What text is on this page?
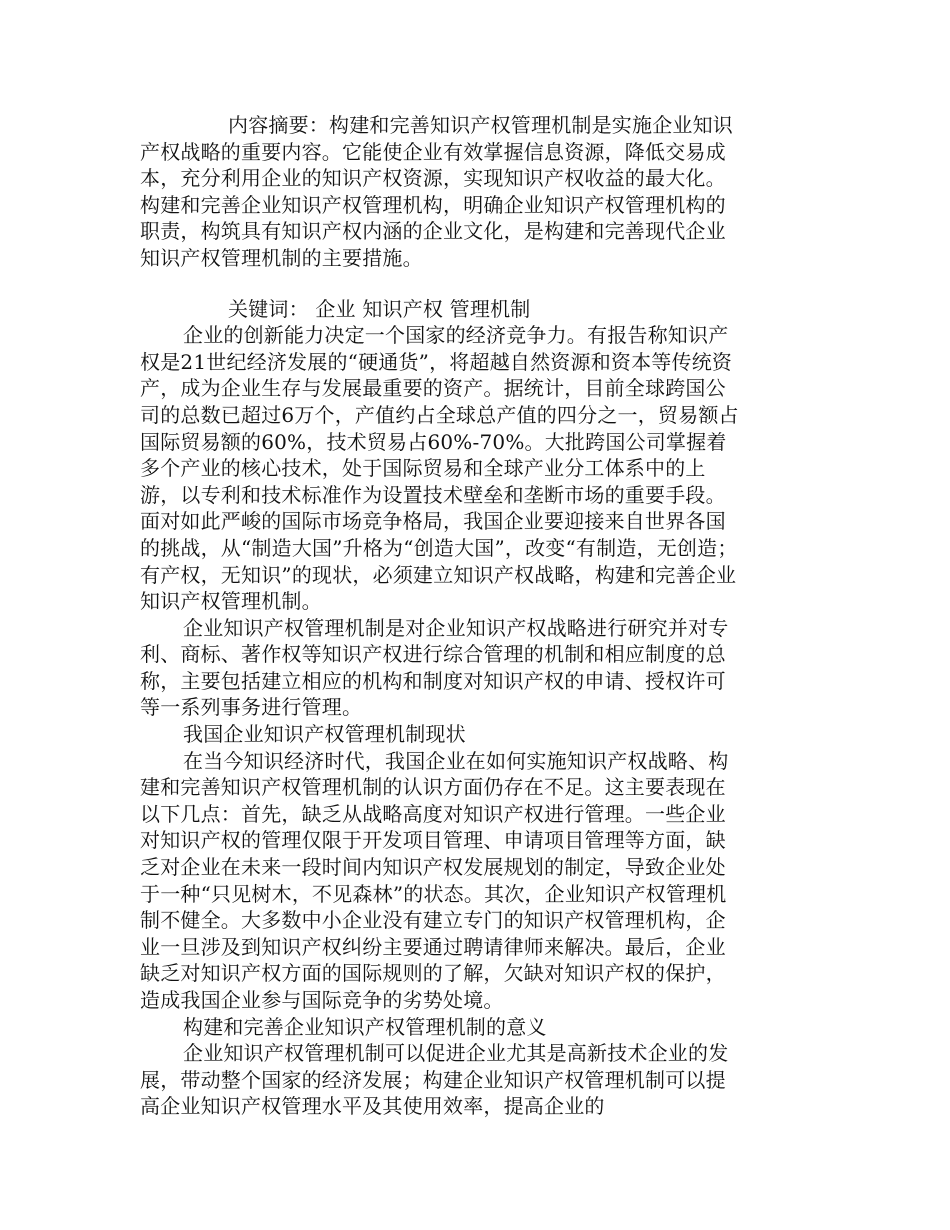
内容摘要：构建和完善知识产权管理机制是实施企业知识产权战略的重要内容。它能使企业有效掌握信息资源，降低交易成本，充分利用企业的知识产权资源，实现知识产权收益的最大化。构建和完善企业知识产权管理机构，明确企业知识产权管理机构的职责，构筑具有知识产权内涵的企业文化，是构建和完善现代企业知识产权管理机制的主要措施。

关键词： 企业 知识产权 管理机制

企业的创新能力决定一个国家的经济竞争力。有报告称知识产权是21世纪经济发展的“硬通货”，将超越自然资源和资本等传统资产，成为企业生存与发展最重要的资产。据统计，目前全球跨国公司的总数已超过6万个，产值约占全球总产值的四分之一，贸易额占国际贸易额的60%，技术贸易占60%-70%。大批跨国公司掌握着多个产业的核心技术，处于国际贸易和全球产业分工体系中的上游，以专利和技术标准作为设置技术壁垒和垄断市场的重要手段。面对如此严峻的国际市场竞争格局，我国企业要迎接来自世界各国的挑战，从“制造大国”升格为“创造大国”，改变“有制造，无创造；有产权，无知识”的现状，必须建立知识产权战略，构建和完善企业知识产权管理机制。

企业知识产权管理机制是对企业知识产权战略进行研究并对专利、商标、著作权等知识产权进行综合管理的机制和相应制度的总称，主要包括建立相应的机构和制度对知识产权的申请、授权许可等一系列事务进行管理。

我国企业知识产权管理机制现状

在当今知识经济时代，我国企业在如何实施知识产权战略、构建和完善知识产权管理机制的认识方面仍存在不足。这主要表现在以下几点：首先，缺乏从战略高度对知识产权进行管理。一些企业对知识产权的管理仅限于开发项目管理、申请项目管理等方面，缺乏对企业在未来一段时间内知识产权发展规划的制定，导致企业处于一种“只见树木，不见森林”的状态。其次，企业知识产权管理机制不健全。大多数中小企业没有建立专门的知识产权管理机构，企业一旦涉及到知识产权纠纷主要通过聘请律师来解决。最后，企业缺乏对知识产权方面的国际规则的了解，欠缺对知识产权的保护，造成我国企业参与国际竞争的劣势处境。

构建和完善企业知识产权管理机制的意义

企业知识产权管理机制可以促进企业尤其是高新技术企业的发展，带动整个国家的经济发展；构建企业知识产权管理机制可以提高企业知识产权管理水平及其使用效率，提高企业的
